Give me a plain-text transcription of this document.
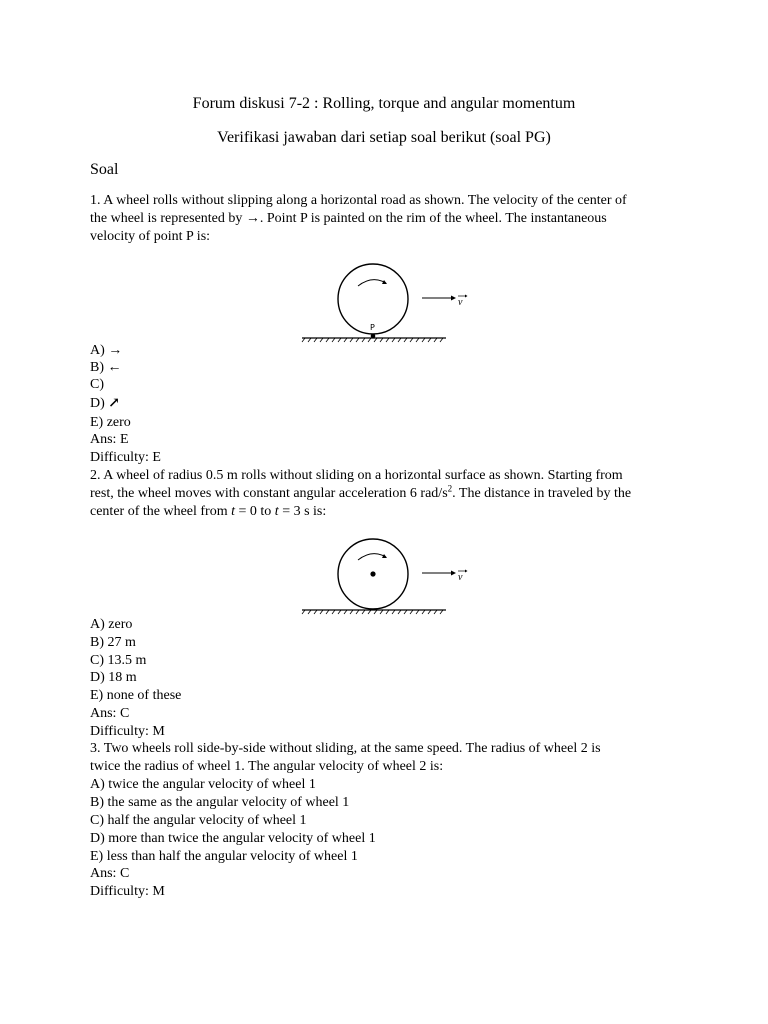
Forum diskusi 7-2 : Rolling, torque and angular momentum
Verifikasi jawaban dari setiap soal berikut (soal PG)
Soal
1. A wheel rolls without slipping along a horizontal road as shown. The velocity of the center of
the wheel is represented by →. Point P is painted on the rim of the wheel. The instantaneous
velocity of point P is:
P
v
A) →
B) ←
C)
D) ↗
E) zero
Ans: E
Difficulty: E
2. A wheel of radius 0.5 m rolls without sliding on a horizontal surface as shown. Starting from
rest, the wheel moves with constant angular acceleration 6 rad/$s^2$. The distance in traveled by the
center of the wheel from t = 0 to t = 3 s is:
v
A) zero
B) 27 m
C) 13.5 m
D) 18 m
E) none of these
Ans: C
Difficulty: M
3. Two wheels roll side-by-side without sliding, at the same speed. The radius of wheel 2 is
twice the radius of wheel 1. The angular velocity of wheel 2 is:
A) twice the angular velocity of wheel 1
B) the same as the angular velocity of wheel 1
C) half the angular velocity of wheel 1
D) more than twice the angular velocity of wheel 1
E) less than half the angular velocity of wheel 1
Ans: C
Difficulty: M
